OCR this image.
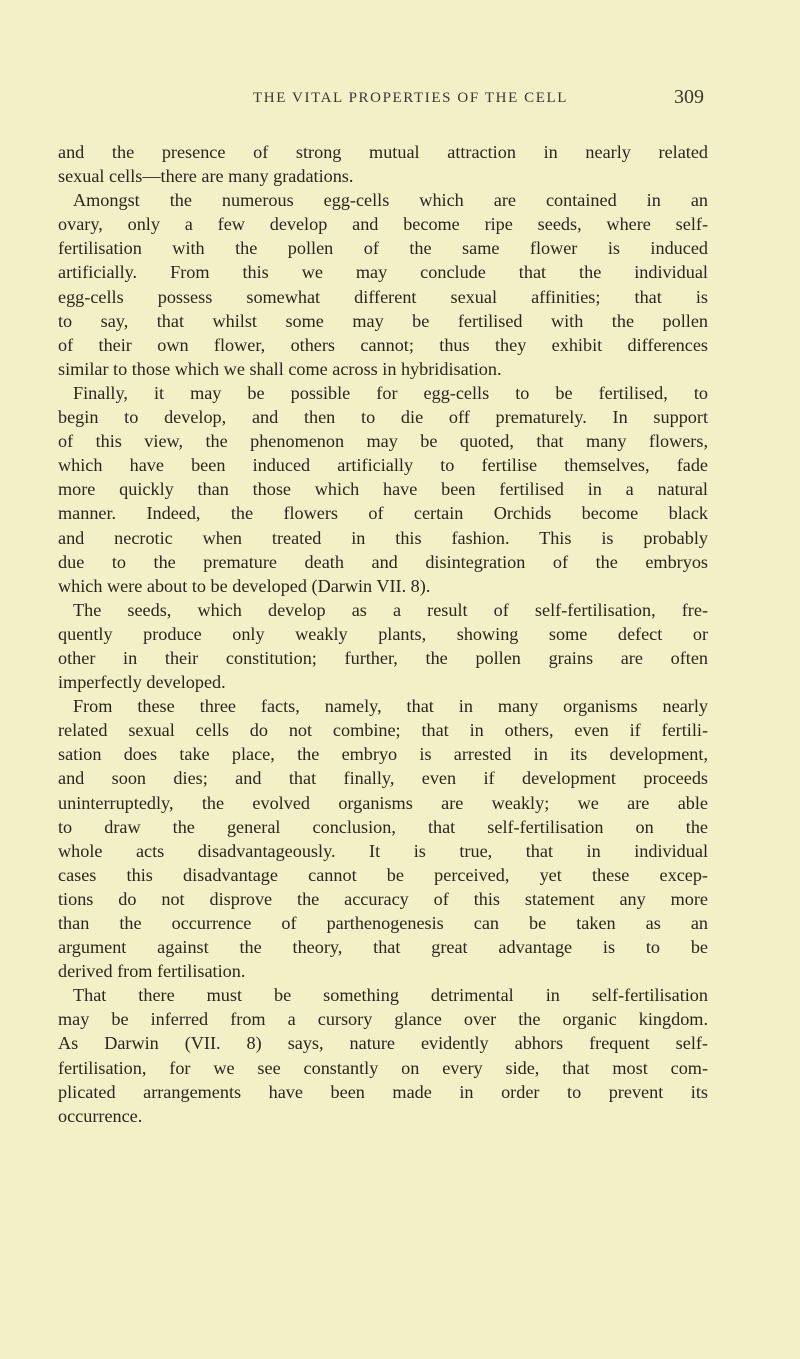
THE VITAL PROPERTIES OF THE CELL	309
and the presence of strong mutual attraction in nearly related
sexual cells—there are many gradations.
Amongst the numerous egg-cells which are contained in an
ovary, only a few develop and become ripe seeds, where self-
fertilisation with the pollen of the same flower is induced
artificially. From this we may conclude that the individual
egg-cells possess somewhat different sexual affinities; that is
to say, that whilst some may be fertilised with the pollen
of their own flower, others cannot; thus they exhibit differences
similar to those which we shall come across in hybridisation.
Finally, it may be possible for egg-cells to be fertilised, to
begin to develop, and then to die off prematurely. In support
of this view, the phenomenon may be quoted, that many flowers,
which have been induced artificially to fertilise themselves, fade
more quickly than those which have been fertilised in a natural
manner. Indeed, the flowers of certain Orchids become black
and necrotic when treated in this fashion. This is probably
due to the premature death and disintegration of the embryos
which were about to be developed (Darwin VII. 8).
The seeds, which develop as a result of self-fertilisation, fre-
quently produce only weakly plants, showing some defect or
other in their constitution; further, the pollen grains are often
imperfectly developed.
From these three facts, namely, that in many organisms nearly
related sexual cells do not combine; that in others, even if fertili-
sation does take place, the embryo is arrested in its development,
and soon dies; and that finally, even if development proceeds
uninterruptedly, the evolved organisms are weakly; we are able
to draw the general conclusion, that self-fertilisation on the
whole acts disadvantageously. It is true, that in individual
cases this disadvantage cannot be perceived, yet these excep-
tions do not disprove the accuracy of this statement any more
than the occurrence of parthenogenesis can be taken as an
argument against the theory, that great advantage is to be
derived from fertilisation.
That there must be something detrimental in self-fertilisation
may be inferred from a cursory glance over the organic kingdom.
As Darwin (VII. 8) says, nature evidently abhors frequent self-
fertilisation, for we see constantly on every side, that most com-
plicated arrangements have been made in order to prevent its
occurrence.
